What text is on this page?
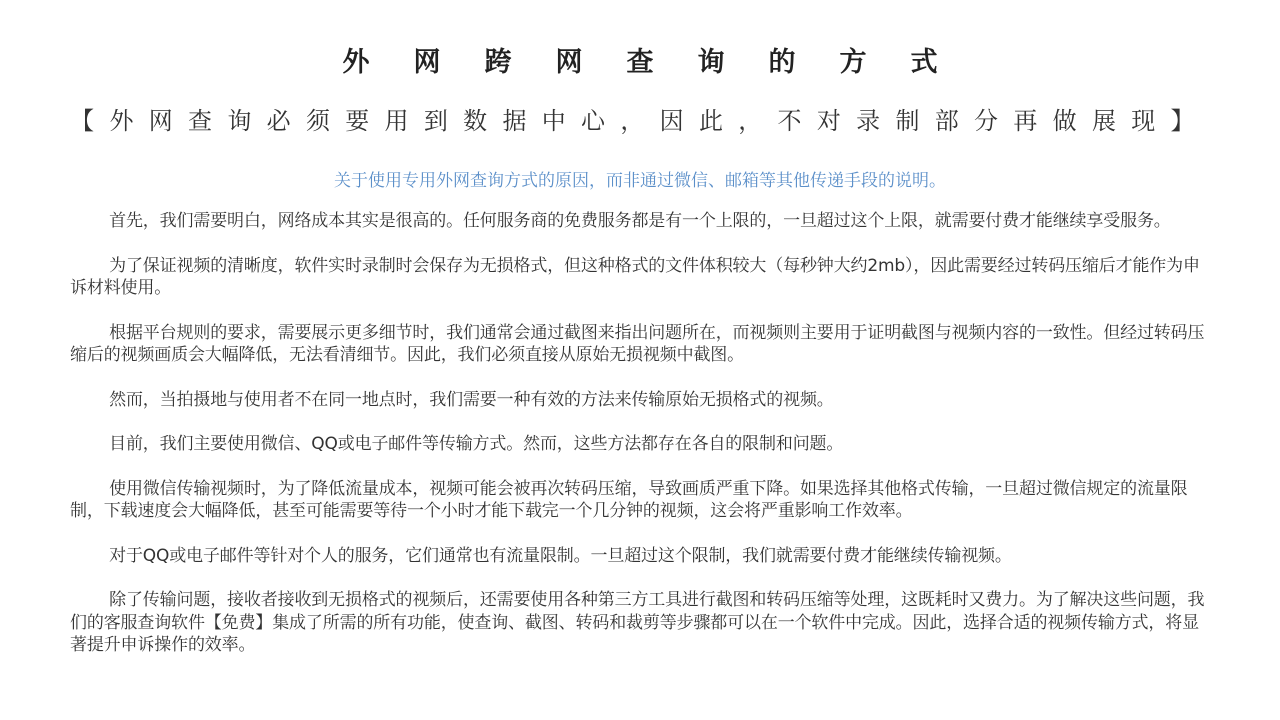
外网跨网查询的方式
【外网查询必须要用到数据中心，因此，不对录制部分再做展现】
关于使用专用外网查询方式的原因，而非通过微信、邮箱等其他传递手段的说明。

首先，我们需要明白，网络成本其实是很高的。任何服务商的免费服务都是有一个上限的，一旦超过这个上限，就需要付费才能继续享受服务。

为了保证视频的清晰度，软件实时录制时会保存为无损格式，但这种格式的文件体积较大（每秒钟大约2mb），因此需要经过转码压缩后才能作为申诉材料使用。

根据平台规则的要求，需要展示更多细节时，我们通常会通过截图来指出问题所在，而视频则主要用于证明截图与视频内容的一致性。但经过转码压缩后的视频画质会大幅降低，无法看清细节。因此，我们必须直接从原始无损视频中截图。

然而，当拍摄地与使用者不在同一地点时，我们需要一种有效的方法来传输原始无损格式的视频。

目前，我们主要使用微信、QQ或电子邮件等传输方式。然而，这些方法都存在各自的限制和问题。

使用微信传输视频时，为了降低流量成本，视频可能会被再次转码压缩，导致画质严重下降。如果选择其他格式传输，一旦超过微信规定的流量限制，下载速度会大幅降低，甚至可能需要等待一个小时才能下载完一个几分钟的视频，这会将严重影响工作效率。

对于QQ或电子邮件等针对个人的服务，它们通常也有流量限制。一旦超过这个限制，我们就需要付费才能继续传输视频。

除了传输问题，接收者接收到无损格式的视频后，还需要使用各种第三方工具进行截图和转码压缩等处理，这既耗时又费力。为了解决这些问题，我们的客服查询软件【免费】集成了所需的所有功能，使查询、截图、转码和裁剪等步骤都可以在一个软件中完成。因此，选择合适的视频传输方式，将显著提升申诉操作的效率。
